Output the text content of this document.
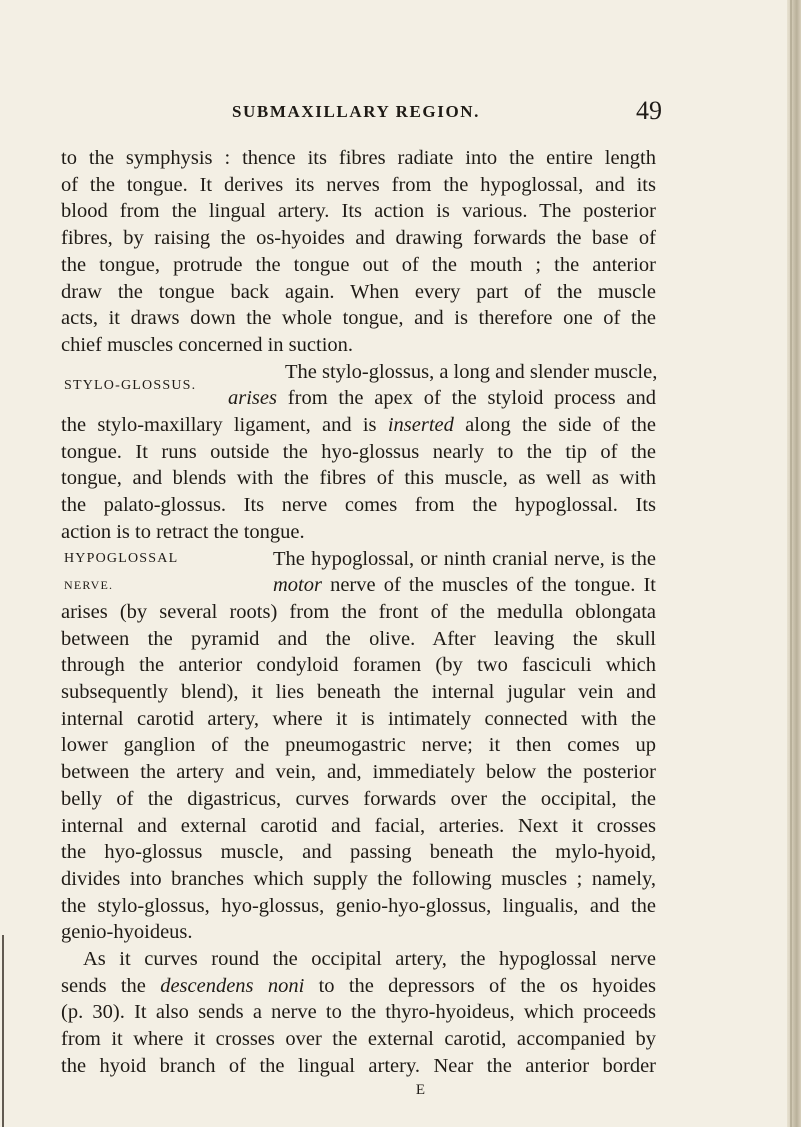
SUBMAXILLARY REGION.	49
to the symphysis : thence its fibres radiate into the entire length
of the tongue. It derives its nerves from the hypoglossal, and its
blood from the lingual artery. Its action is various. The posterior
fibres, by raising the os-hyoides and drawing forwards the base of
the tongue, protrude the tongue out of the mouth ; the anterior
draw the tongue back again. When every part of the muscle
acts, it draws down the whole tongue, and is therefore one of the
chief muscles concerned in suction.
The stylo-glossus, a long and slender muscle,
STYLO-GLOSSUS.
arises from the apex of the styloid process and
the stylo-maxillary ligament, and is inserted along the side of the
tongue. It runs outside the hyo-glossus nearly to the tip of the
tongue, and blends with the fibres of this muscle, as well as with
the palato-glossus. Its nerve comes from the hypoglossal. Its
action is to retract the tongue.
HYPOGLOSSAL	The hypoglossal, or ninth cranial nerve, is the
NERVE.	motor nerve of the muscles of the tongue. It
arises (by several roots) from the front of the medulla oblongata
between the pyramid and the olive. After leaving the skull
through the anterior condyloid foramen (by two fasciculi which
subsequently blend), it lies beneath the internal jugular vein and
internal carotid artery, where it is intimately connected with the
lower ganglion of the pneumogastric nerve; it then comes up
between the artery and vein, and, immediately below the posterior
belly of the digastricus, curves forwards over the occipital, the
internal and external carotid and facial, arteries. Next it crosses
the hyo-glossus muscle, and passing beneath the mylo-hyoid,
divides into branches which supply the following muscles ; namely,
the stylo-glossus, hyo-glossus, genio-hyo-glossus, lingualis, and the
genio-hyoideus.
As it curves round the occipital artery, the hypoglossal nerve
sends the descendens noni to the depressors of the os hyoides
(p. 30). It also sends a nerve to the thyro-hyoideus, which proceeds
from it where it crosses over the external carotid, accompanied by
the hyoid branch of the lingual artery. Near the anterior border
E
